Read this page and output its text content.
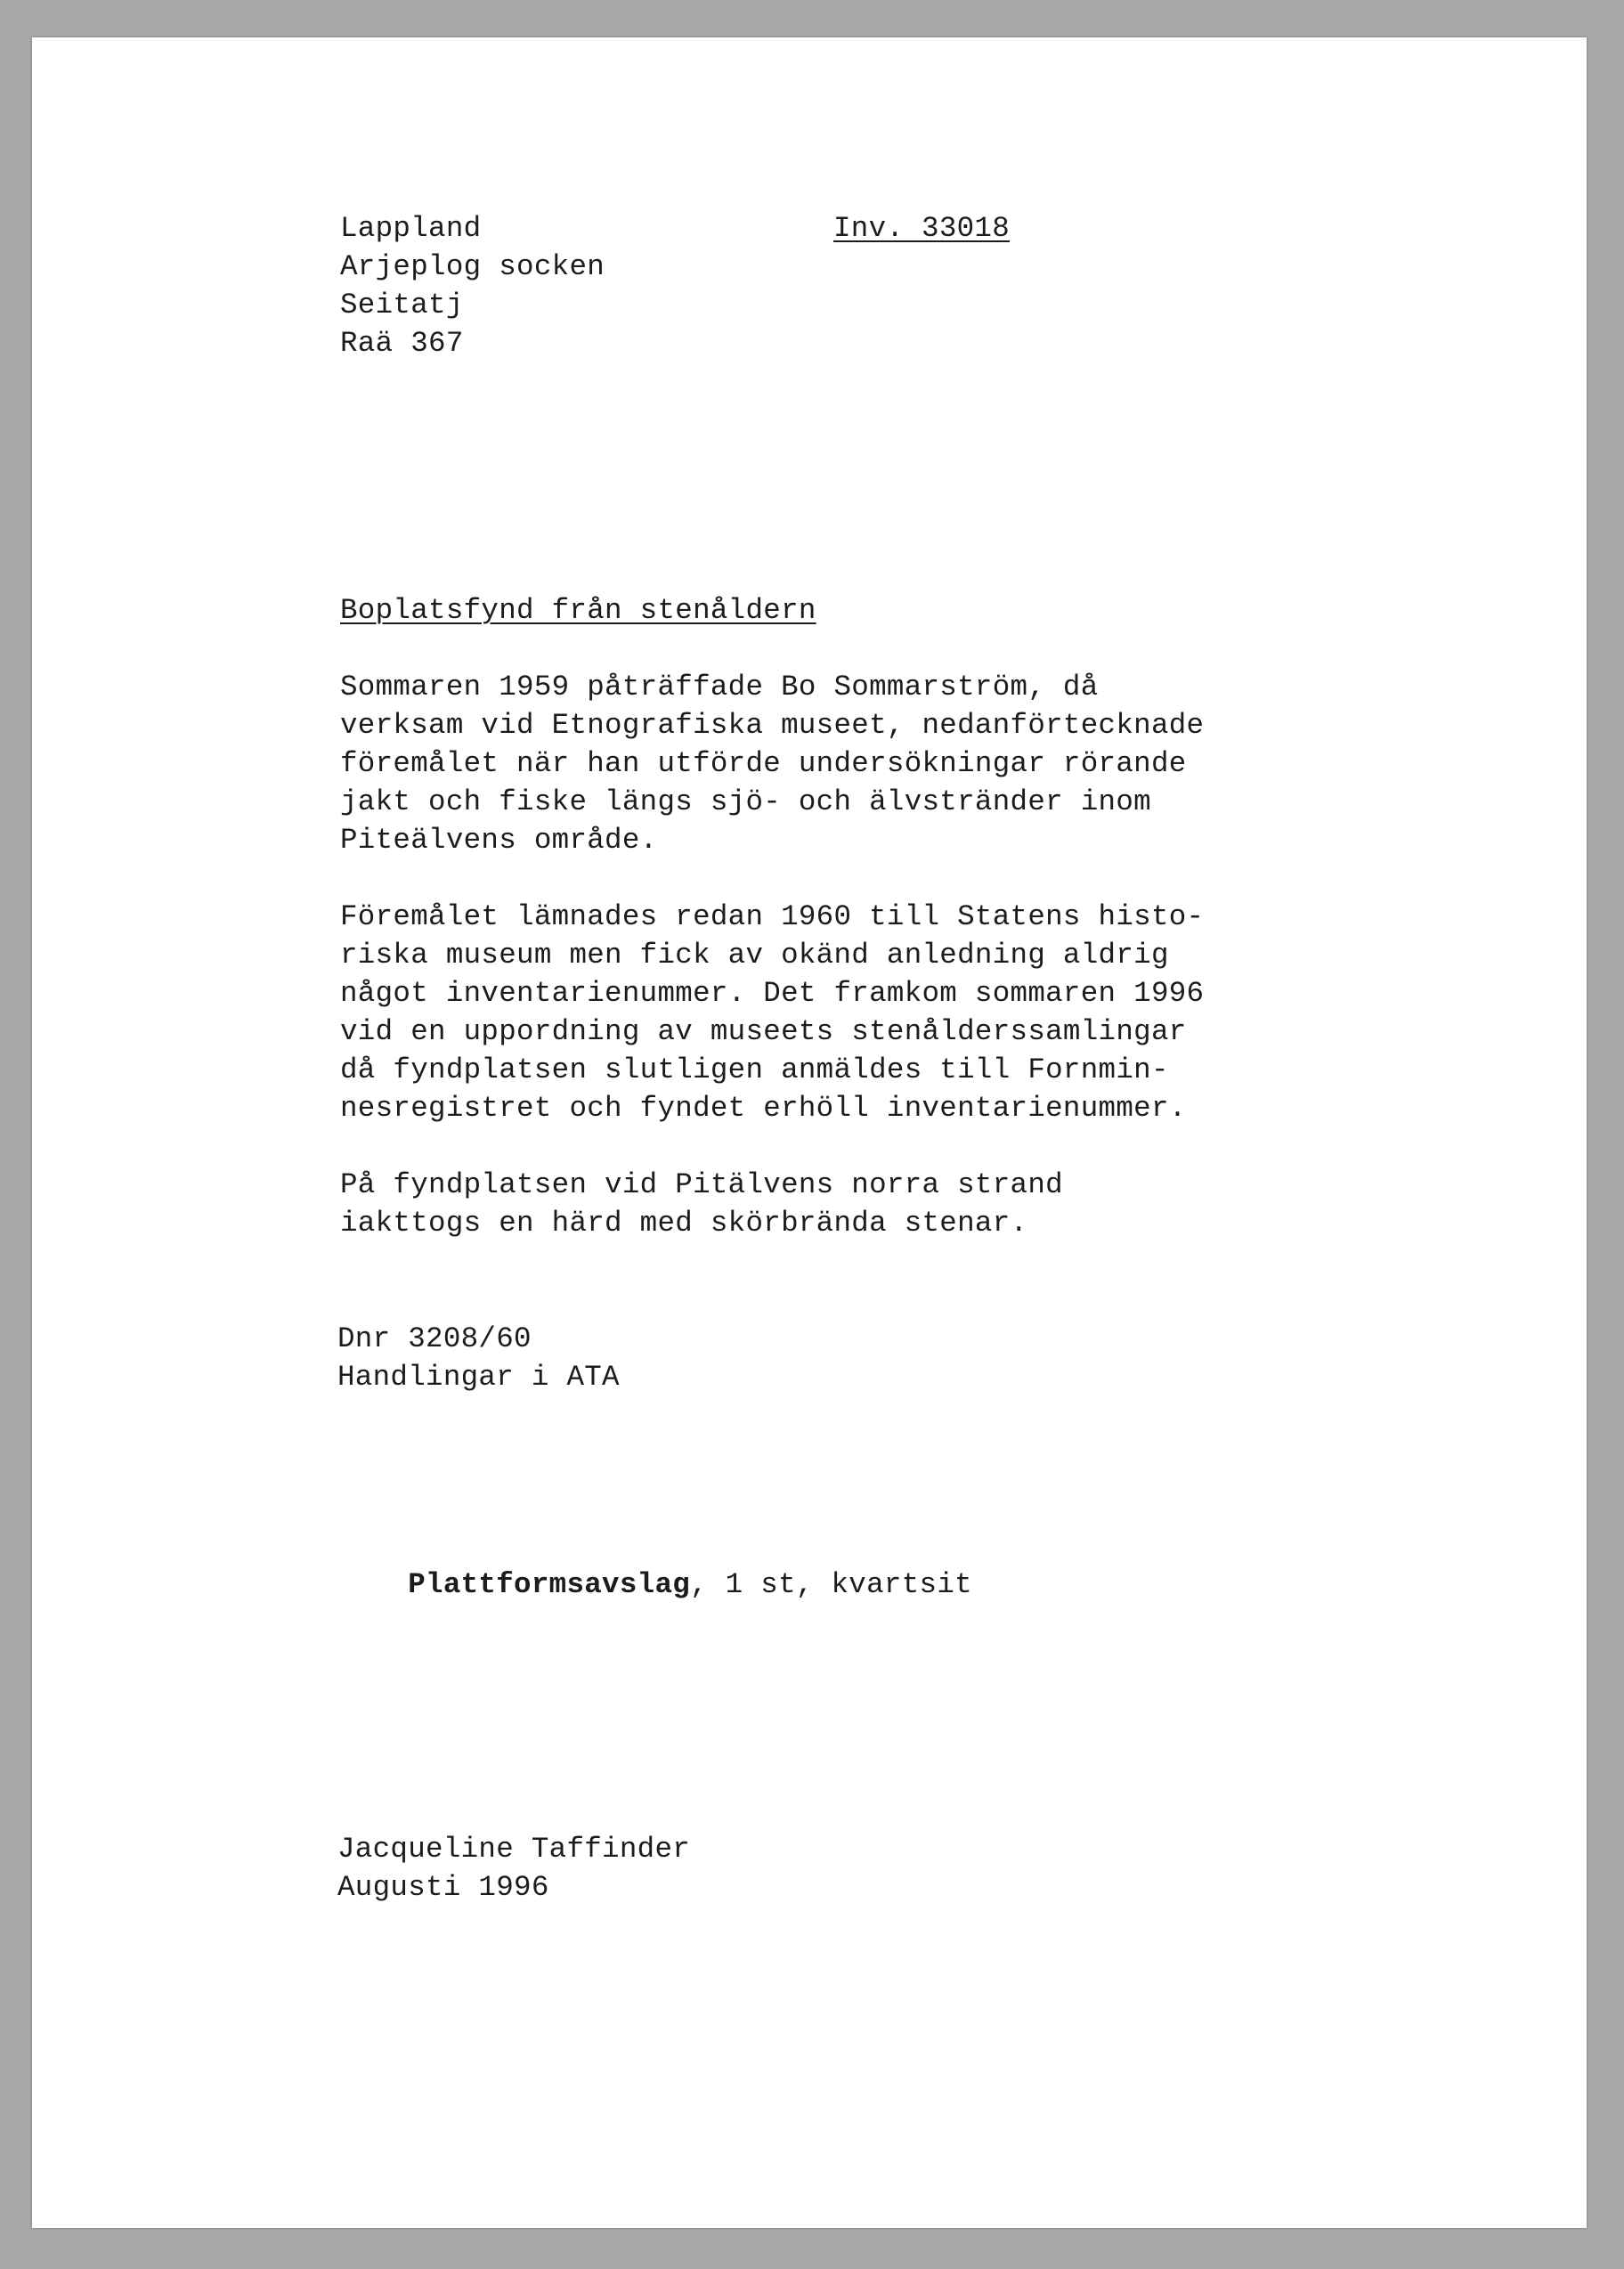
Lappland
Arjeplog socken
Seitatj
Raä 367
Inv. 33018
Boplatsfynd från stenåldern
Sommaren 1959 påträffade Bo Sommarström, då
verksam vid Etnografiska museet, nedanförtecknade
föremålet när han utförde undersökningar rörande
jakt och fiske längs sjö- och älvstränder inom
Piteälvens område.
Föremålet lämnades redan 1960 till Statens histo-
riska museum men fick av okänd anledning aldrig
något inventarienummer. Det framkom sommaren 1996
vid en uppordning av museets stenålderssamlingar
då fyndplatsen slutligen anmäldes till Fornmin-
nesregistret och fyndet erhöll inventarienummer.
På fyndplatsen vid Pitälvens norra strand
iakttogs en härd med skörbrända stenar.
Dnr 3208/60
Handlingar i ATA

Plattformsavslag, 1 st, kvartsit

Jacqueline Taffinder
Augusti 1996
